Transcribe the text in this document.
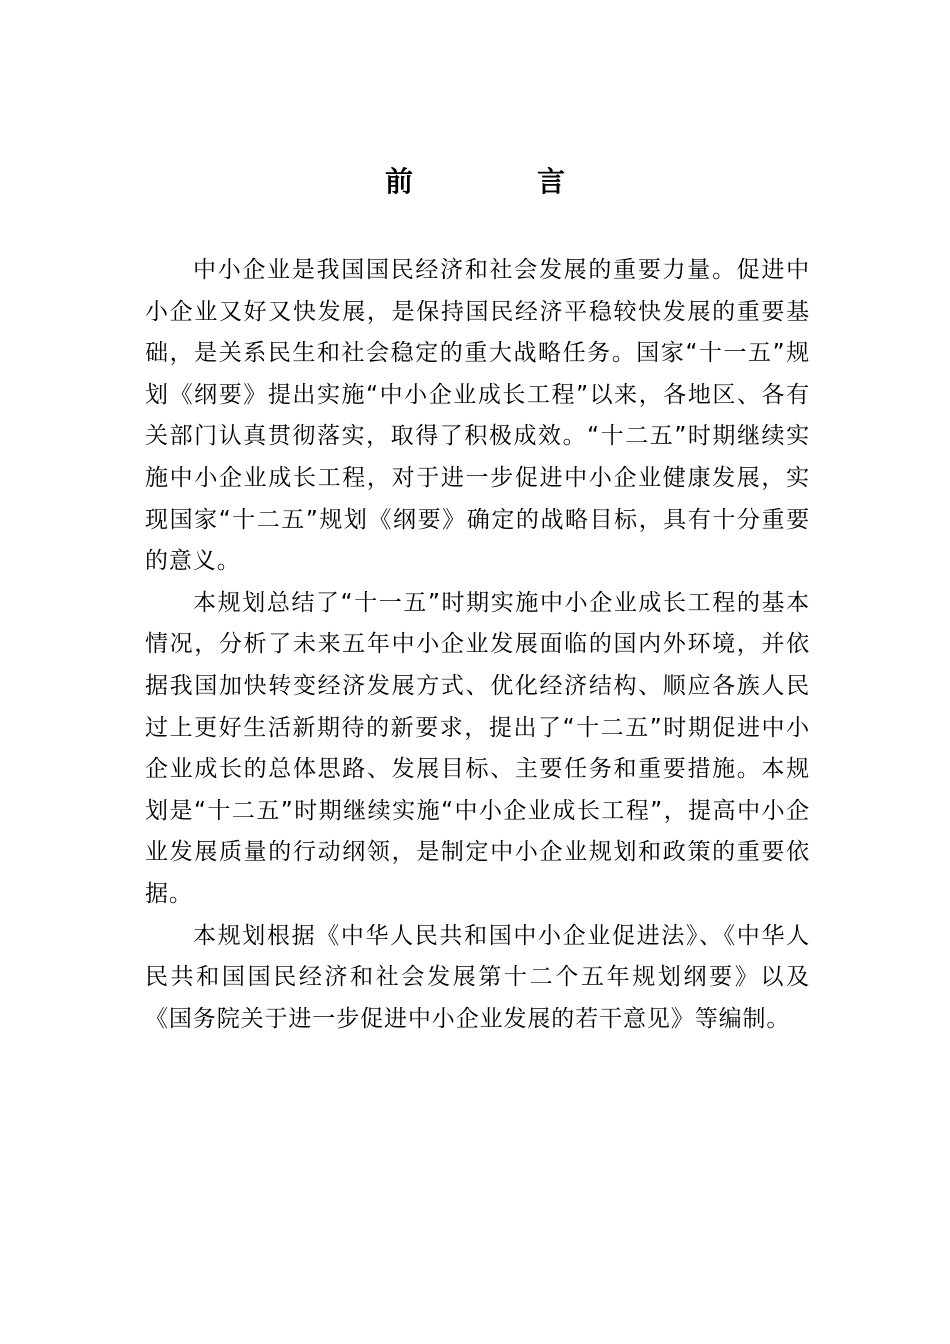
前　言

中小企业是我国国民经济和社会发展的重要力量。促进中小企业又好又快发展，是保持国民经济平稳较快发展的重要基础，是关系民生和社会稳定的重大战略任务。国家“十一五”规划《纲要》提出实施“中小企业成长工程”以来，各地区、各有关部门认真贯彻落实，取得了积极成效。“十二五”时期继续实施中小企业成长工程，对于进一步促进中小企业健康发展，实现国家“十二五”规划《纲要》确定的战略目标，具有十分重要的意义。

本规划总结了“十一五”时期实施中小企业成长工程的基本情况，分析了未来五年中小企业发展面临的国内外环境，并依据我国加快转变经济发展方式、优化经济结构、顺应各族人民过上更好生活新期待的新要求，提出了“十二五”时期促进中小企业成长的总体思路、发展目标、主要任务和重要措施。本规划是“十二五”时期继续实施“中小企业成长工程”，提高中小企业发展质量的行动纲领，是制定中小企业规划和政策的重要依据。

本规划根据《中华人民共和国中小企业促进法》、《中华人民共和国国民经济和社会发展第十二个五年规划纲要》以及《国务院关于进一步促进中小企业发展的若干意见》等编制。
